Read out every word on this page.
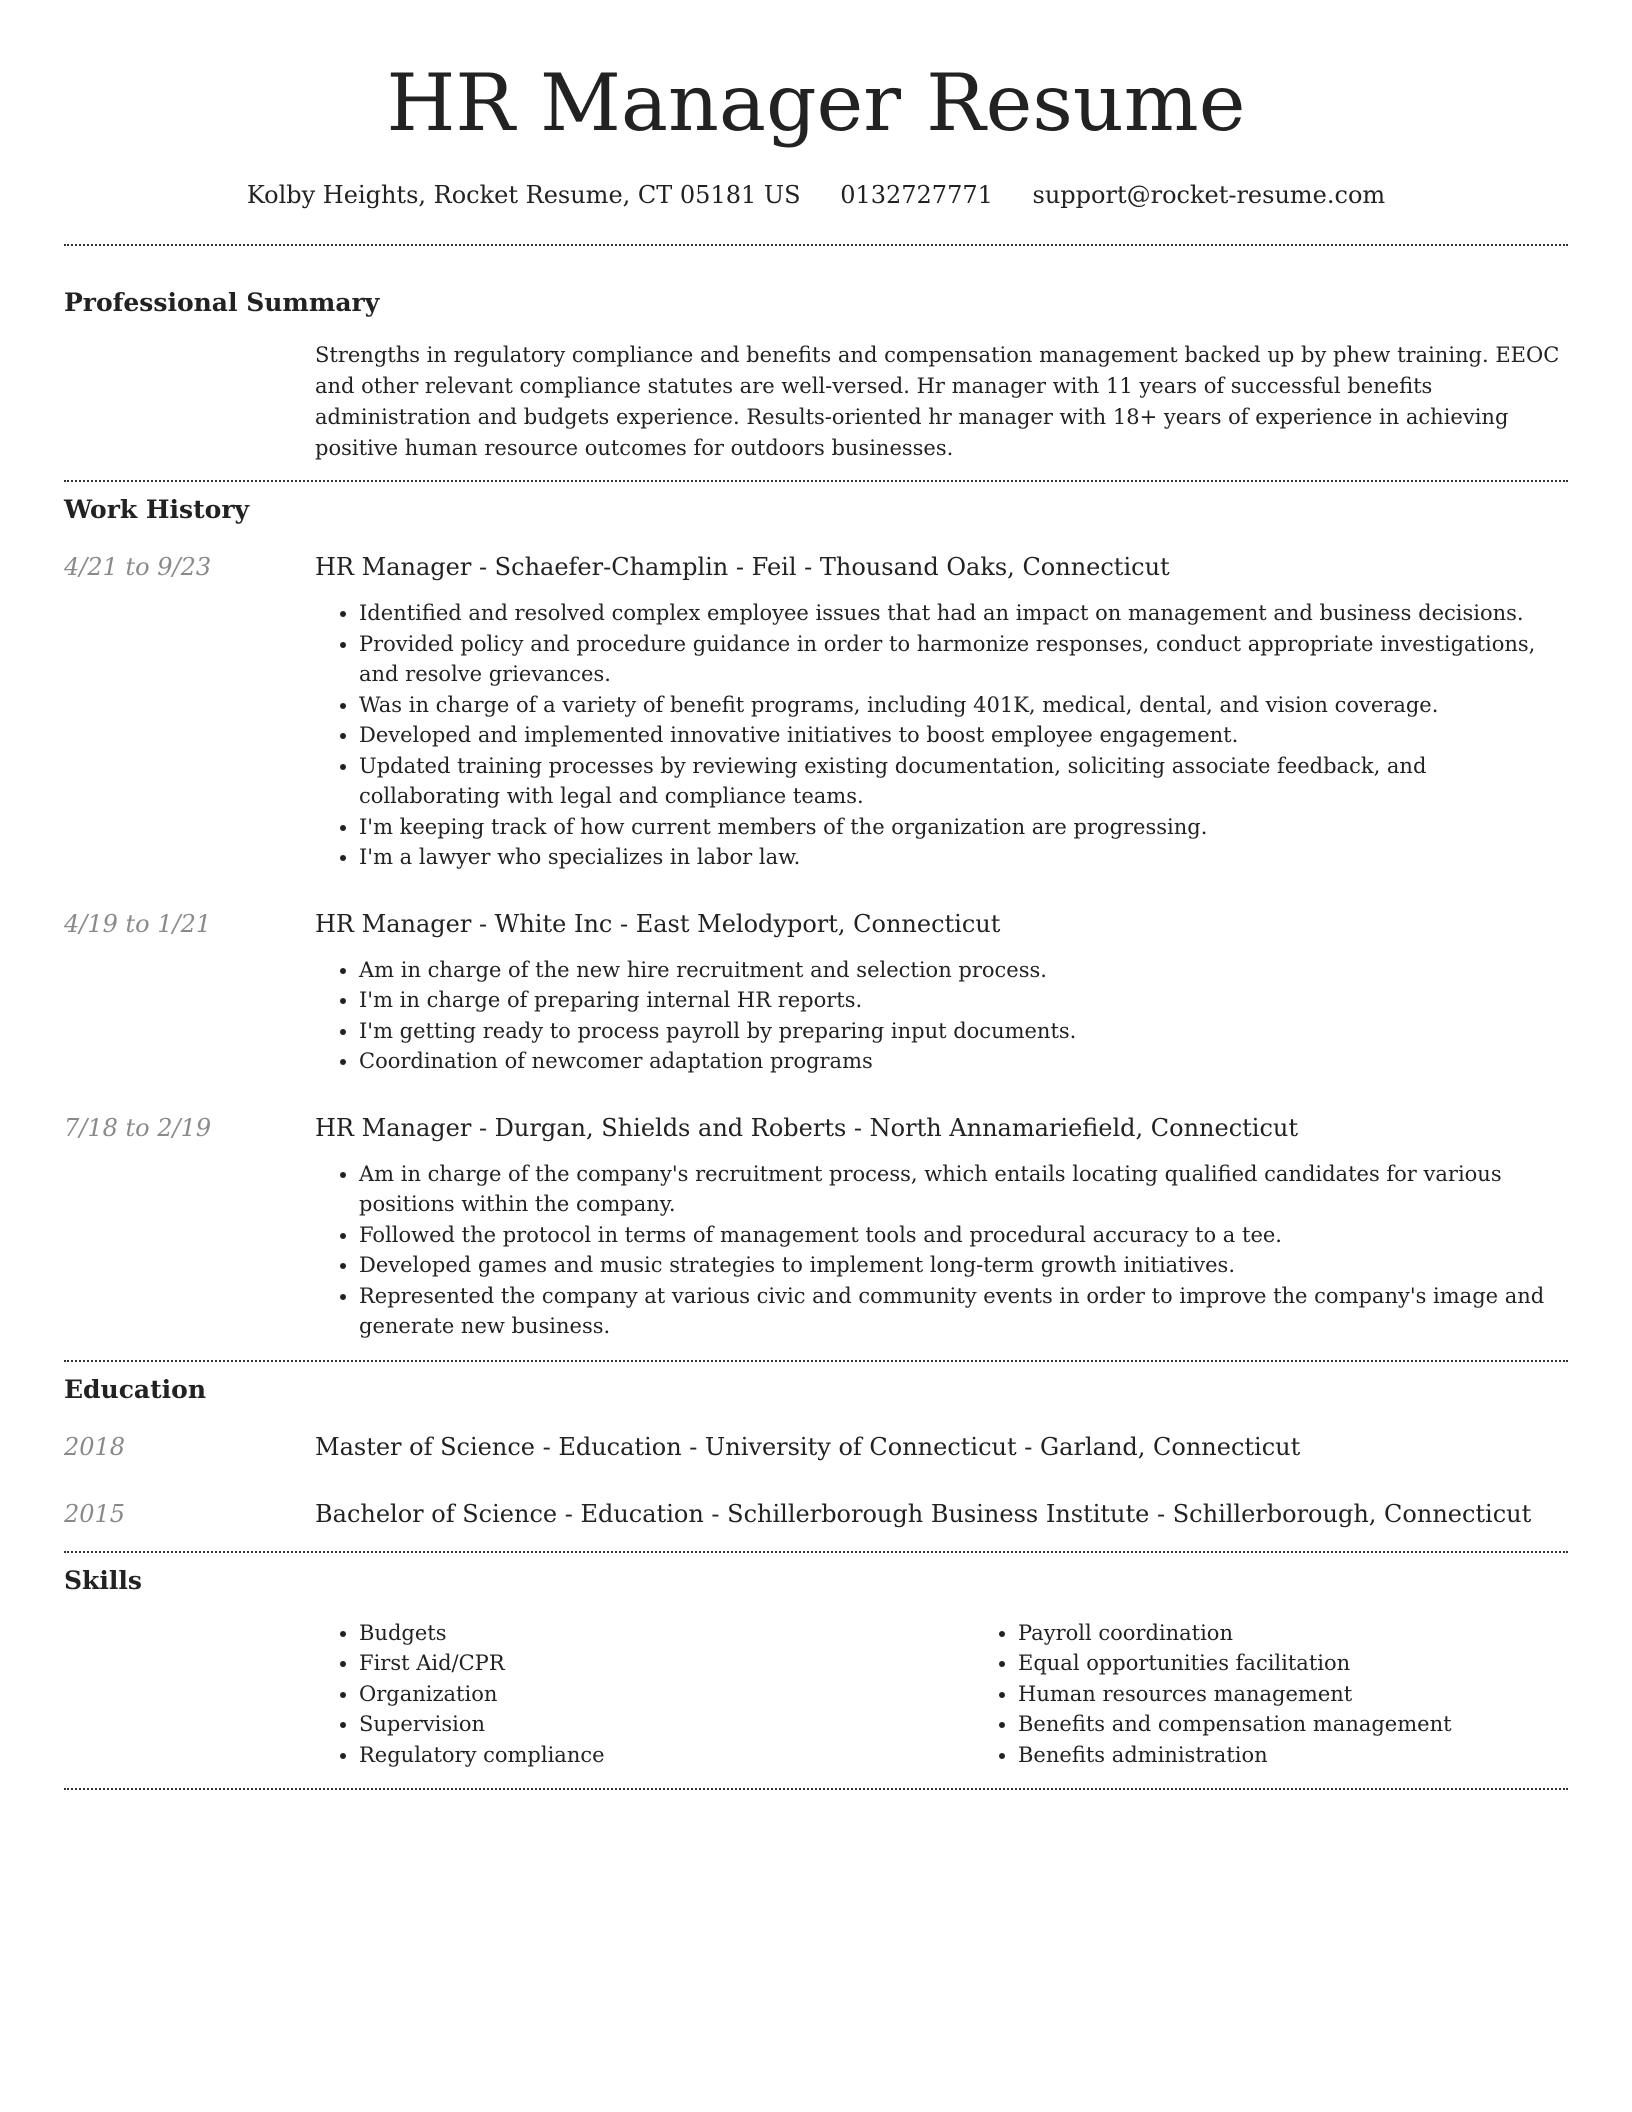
HR Manager Resume
Kolby Heights, Rocket Resume, CT 05181 US 0132727771 support@rocket-resume.com
Professional Summary
Strengths in regulatory compliance and benefits and compensation management backed up by phew training. EEOC and other relevant compliance statutes are well-versed. Hr manager with 11 years of successful benefits administration and budgets experience. Results-oriented hr manager with 18+ years of experience in achieving positive human resource outcomes for outdoors businesses.
Work History
4/21 to 9/23	HR Manager - Schaefer-Champlin - Feil - Thousand Oaks, Connecticut
• Identified and resolved complex employee issues that had an impact on management and business decisions.
• Provided policy and procedure guidance in order to harmonize responses, conduct appropriate investigations, and resolve grievances.
• Was in charge of a variety of benefit programs, including 401K, medical, dental, and vision coverage.
• Developed and implemented innovative initiatives to boost employee engagement.
• Updated training processes by reviewing existing documentation, soliciting associate feedback, and collaborating with legal and compliance teams.
• I'm keeping track of how current members of the organization are progressing.
• I'm a lawyer who specializes in labor law.
4/19 to 1/21	HR Manager - White Inc - East Melodyport, Connecticut
• Am in charge of the new hire recruitment and selection process.
• I'm in charge of preparing internal HR reports.
• I'm getting ready to process payroll by preparing input documents.
• Coordination of newcomer adaptation programs
7/18 to 2/19	HR Manager - Durgan, Shields and Roberts - North Annamariefield, Connecticut
• Am in charge of the company's recruitment process, which entails locating qualified candidates for various positions within the company.
• Followed the protocol in terms of management tools and procedural accuracy to a tee.
• Developed games and music strategies to implement long-term growth initiatives.
• Represented the company at various civic and community events in order to improve the company's image and generate new business.
Education
2018	Master of Science - Education - University of Connecticut - Garland, Connecticut
2015	Bachelor of Science - Education - Schillerborough Business Institute - Schillerborough, Connecticut
Skills
• Budgets
• First Aid/CPR
• Organization
• Supervision
• Regulatory compliance
• Payroll coordination
• Equal opportunities facilitation
• Human resources management
• Benefits and compensation management
• Benefits administration
